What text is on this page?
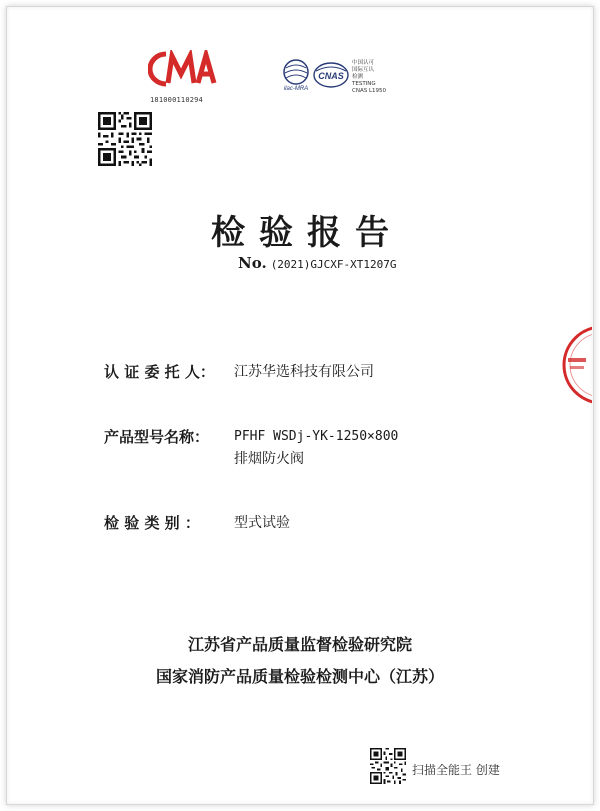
181000110294
ilac-MRA
CNAS
中国认可
国际互认
检测
TESTING
CNAS L1950
检验报告
No. (2021)GJCXF-XT1207G
认 证 委 托 人：	江苏华选科技有限公司
产品型号名称：	PFHF WSDj-YK-1250×800
排烟防火阀
检 验 类 别 ：	型式试验
江苏省产品质量监督检验研究院
国家消防产品质量检验检测中心（江苏）
扫描全能王 创建
